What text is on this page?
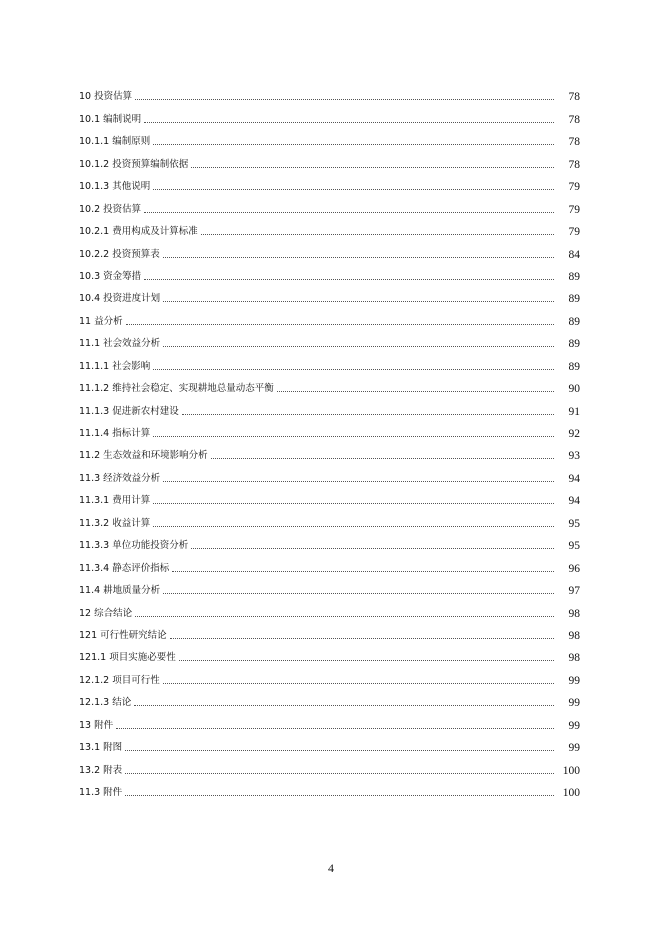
10 投资估算	78
10.1 编制说明	78
10.1.1 编制原则	78
10.1.2 投资预算编制依据	78
10.1.3 其他说明	79
10.2 投资估算	79
10.2.1 费用构成及计算标准	79
10.2.2 投资预算表	84
10.3 资金筹措	89
10.4 投资进度计划	89
11 益分析	89
11.1 社会效益分析	89
11.1.1 社会影响	89
11.1.2 维持社会稳定、实现耕地总量动态平衡	90
11.1.3 促进新农村建设	91
11.1.4 指标计算	92
11.2 生态效益和环境影响分析	93
11.3 经济效益分析	94
11.3.1 费用计算	94
11.3.2 收益计算	95
11.3.3 单位功能投资分析	95
11.3.4 静态评价指标	96
11.4 耕地质量分析	97
12 综合结论	98
121 可行性研究结论	98
121.1 项目实施必要性	98
12.1.2 项目可行性	99
12.1.3 结论	99
13 附件	99
13.1 附图	99
13.2 附表	100
11.3 附件	100
4
